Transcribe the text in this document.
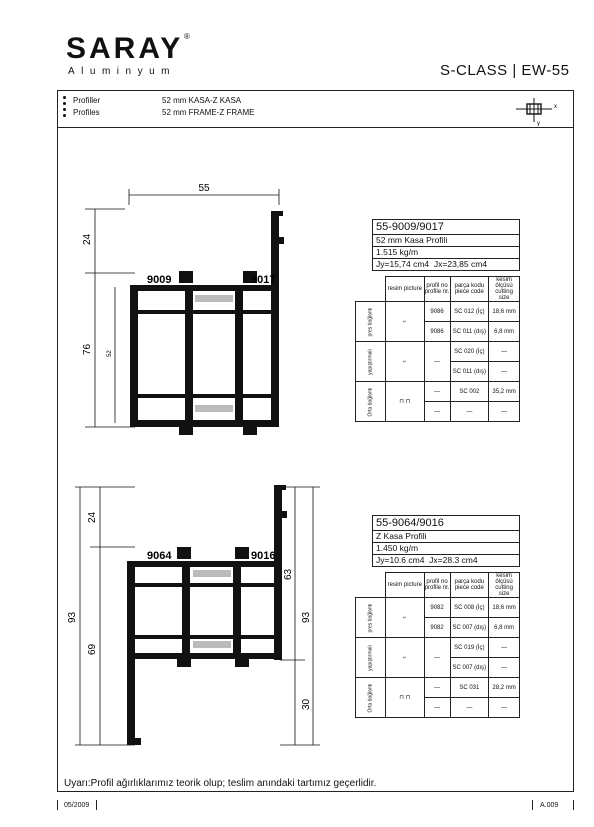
SARAY ®
Aluminyum	S-CLASS | EW-55
Profiller
Profiles
52 mm KASA-Z KASA
52 mm FRAME-Z FRAME
x
y
55
24
76 52
9009	9017
55-9009/9017
52 mm Kasa Profili
1.515 kg/m
Jy=15,74 cm4 Jx=23,85 cm4
	resim picture	profil no profile nr.	parça kodu piece code	kesim ölçüsü cutting size

pres bağlantı	⌐	9086	SC 012 (İç)	18,6 mm
		9086	SC 011 (dış)	6,8 mm

yapıştırmalı	⌐	—	SC 020 (İç)	—
			SC 011 (dış)	—

Orta bağlantı	⊓ ⊓	—	SC 002	35,2 mm
		—	—	—
24
93
69
63
93
30
9064	9016
55-9064/9016
Z Kasa Profili
1.450 kg/m
Jy=10.6 cm4 Jx=28.3 cm4
	resim picture	profil no profile nr.	parça kodu piece code	kesim ölçüsü cutting size

pres bağlantı	⌐	9082	SC 008 (İç)	18,6 mm
		9082	SC 007 (dış)	6,8 mm

yapıştırmalı	⌐	—	SC 019 (İç)	—
			SC 007 (dış)	—

Orta bağlantı	⊓ ⊓	—	SC 031	28,2 mm
		—	—	—
Uyarı:Profil ağırlıklarımız teorik olup; teslim anındaki tartımız geçerlidir.
05/2009	A.009
